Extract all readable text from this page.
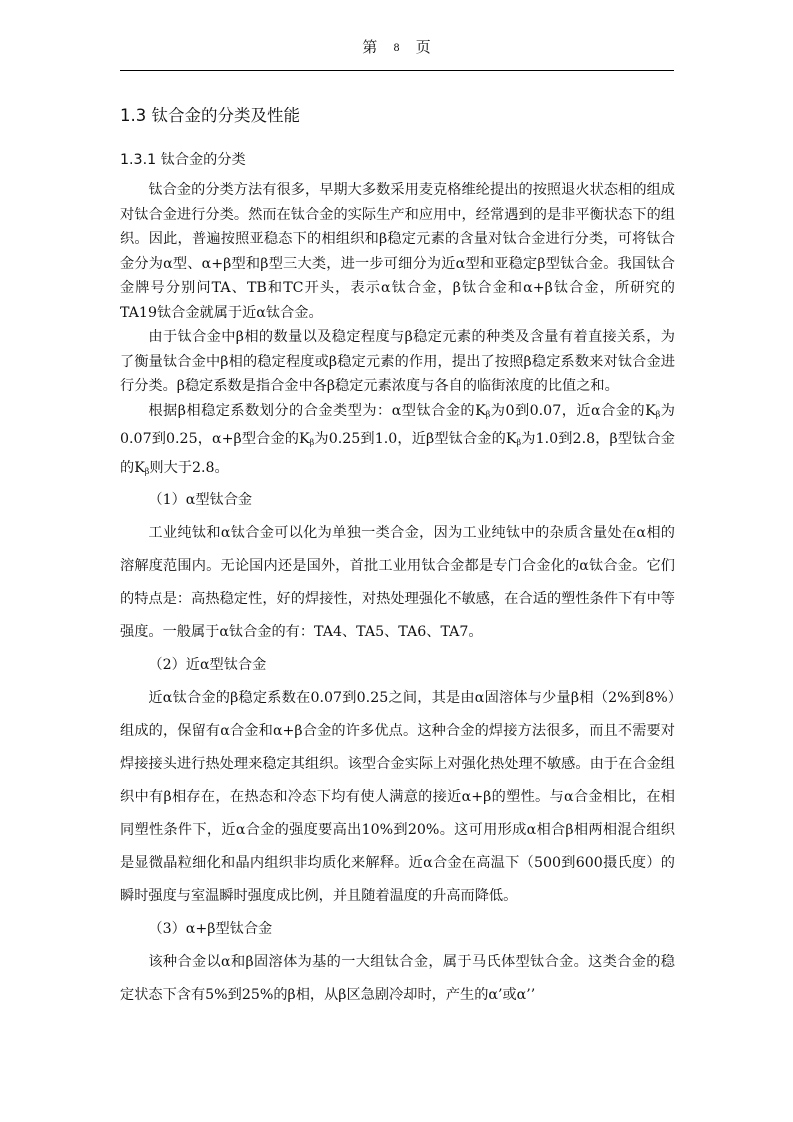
第 8 页
1.3 钛合金的分类及性能
1.3.1 钛合金的分类

钛合金的分类方法有很多，早期大多数采用麦克格维纶提出的按照退火状态相的组成对钛合金进行分类。然而在钛合金的实际生产和应用中，经常遇到的是非平衡状态下的组织。因此，普遍按照亚稳态下的相组织和β稳定元素的含量对钛合金进行分类，可将钛合金分为α型、α+β型和β型三大类，进一步可细分为近α型和亚稳定β型钛合金。我国钛合金牌号分别问TA、TB和TC开头，表示α钛合金，β钛合金和α+β钛合金，所研究的TA19钛合金就属于近α钛合金。

由于钛合金中β相的数量以及稳定程度与β稳定元素的种类及含量有着直接关系，为了衡量钛合金中β相的稳定程度或β稳定元素的作用，提出了按照β稳定系数来对钛合金进行分类。β稳定系数是指合金中各β稳定元素浓度与各自的临街浓度的比值之和。

根据β相稳定系数划分的合金类型为：α型钛合金的$K_\beta$为0到0.07，近α合金的$K_\beta$为0.07到0.25，α+β型合金的$K_\beta$为0.25到1.0，近β型钛合金的$K_\beta$为1.0到2.8，β型钛合金的$K_\beta$则大于2.8。

（1）α型钛合金

工业纯钛和α钛合金可以化为单独一类合金，因为工业纯钛中的杂质含量处在α相的溶解度范围内。无论国内还是国外，首批工业用钛合金都是专门合金化的α钛合金。它们的特点是：高热稳定性，好的焊接性，对热处理强化不敏感，在合适的塑性条件下有中等强度。一般属于α钛合金的有：TA4、TA5、TA6、TA7。

（2）近α型钛合金

近α钛合金的β稳定系数在0.07到0.25之间，其是由α固溶体与少量β相（2%到8%）组成的，保留有α合金和α+β合金的许多优点。这种合金的焊接方法很多，而且不需要对焊接接头进行热处理来稳定其组织。该型合金实际上对强化热处理不敏感。由于在合金组织中有β相存在，在热态和冷态下均有使人满意的接近α+β的塑性。与α合金相比，在相同塑性条件下，近α合金的强度要高出10%到20%。这可用形成α相合β相两相混合组织是显微晶粒细化和晶内组织非均质化来解释。近α合金在高温下（500到600摄氏度）的瞬时强度与室温瞬时强度成比例，并且随着温度的升高而降低。

（3）α+β型钛合金

该种合金以α和β固溶体为基的一大组钛合金，属于马氏体型钛合金。这类合金的稳定状态下含有5%到25%的β相，从β区急剧冷却时，产生的α’或α’’
